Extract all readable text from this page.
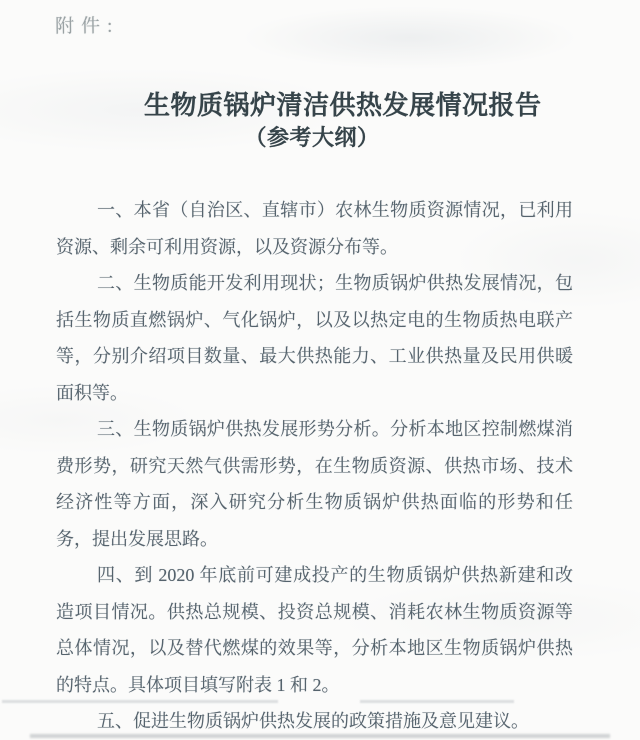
附件:
生物质锅炉清洁供热发展情况报告
（参考大纲）

一、本省（自治区、直辖市）农林生物质资源情况，已利用资源、剩余可利用资源，以及资源分布等。

二、生物质能开发利用现状；生物质锅炉供热发展情况，包括生物质直燃锅炉、气化锅炉，以及以热定电的生物质热电联产等，分别介绍项目数量、最大供热能力、工业供热量及民用供暖面积等。

三、生物质锅炉供热发展形势分析。分析本地区控制燃煤消费形势，研究天然气供需形势，在生物质资源、供热市场、技术经济性等方面，深入研究分析生物质锅炉供热面临的形势和任务，提出发展思路。

四、到 2020 年底前可建成投产的生物质锅炉供热新建和改造项目情况。供热总规模、投资总规模、消耗农林生物质资源等总体情况，以及替代燃煤的效果等，分析本地区生物质锅炉供热的特点。具体项目填写附表 1 和 2。

五、促进生物质锅炉供热发展的政策措施及意见建议。
